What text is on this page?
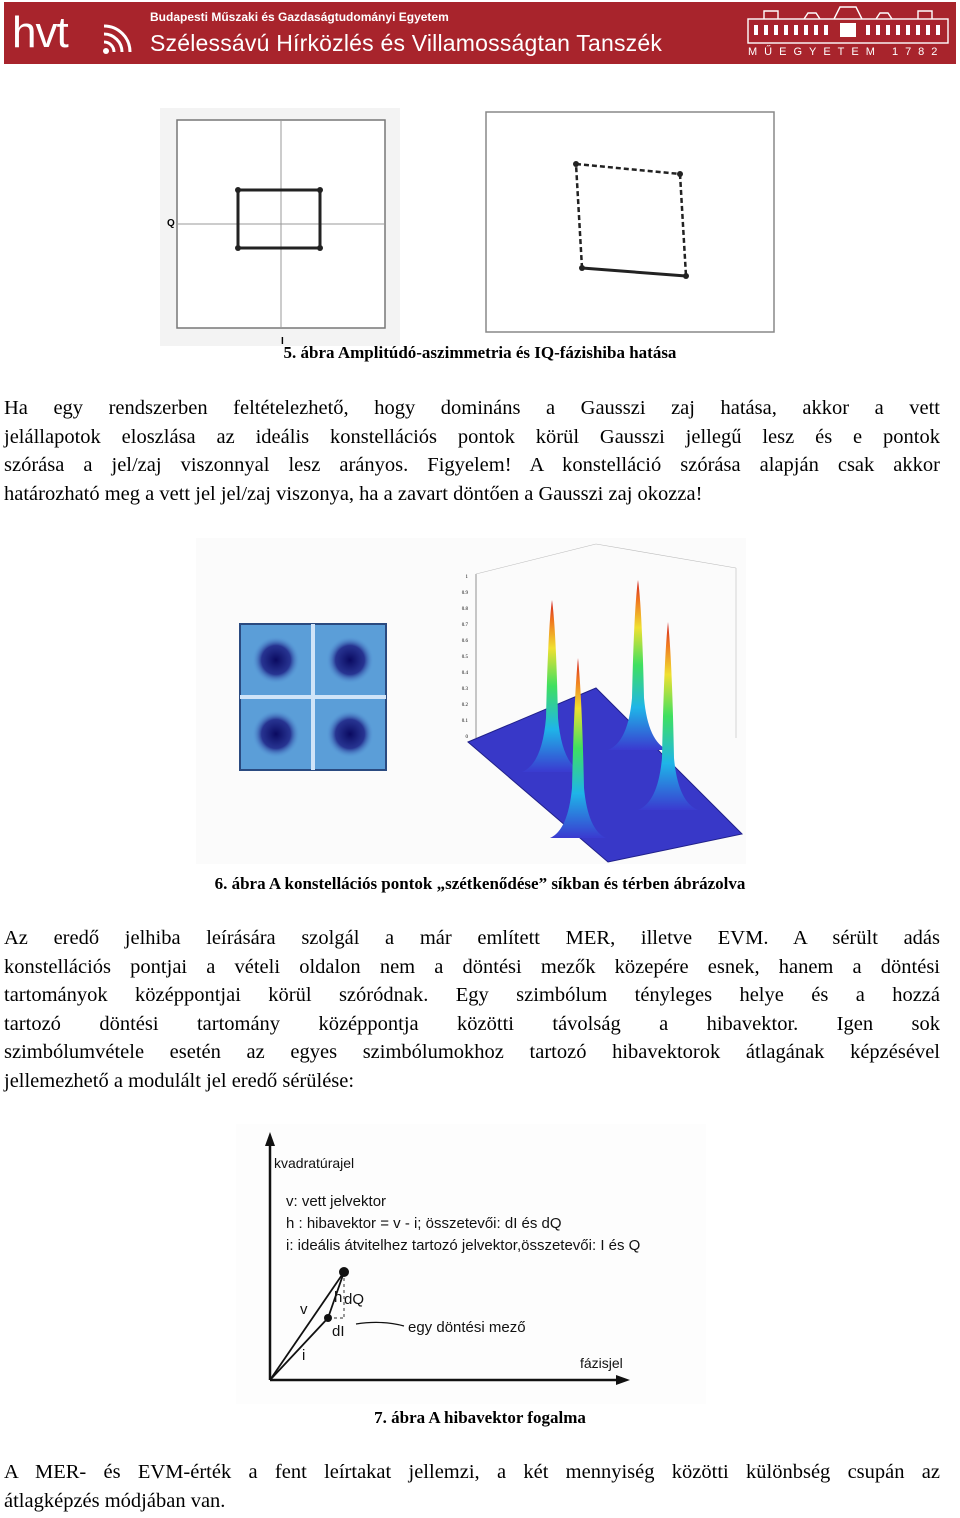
hvt	Budapesti Műszaki és Gazdaságtudományi Egyetem
Szélessávú Hírközlés és Villamosságtan Tanszék	MŰEGYETEM 1782
Q
I
5. ábra Amplitúdó-aszimmetria és IQ-fázishiba hatása
Ha egy rendszerben feltételezhető, hogy domináns a Gausszi zaj hatása, akkor a vett
jelállapotok eloszlása az ideális konstellációs pontok körül Gausszi jellegű lesz és e pontok
szórása a jel/zaj viszonnyal lesz arányos. Figyelem! A konstelláció szórása alapján csak akkor
határozható meg a vett jel jel/zaj viszonya, ha a zavart döntően a Gausszi zaj okozza!
1
0.9
0.8
0.7
0.6
0.5
0.4
0.3
0.2
0.1
0
6. ábra A konstellációs pontok „szétkenődése” síkban és térben ábrázolva
Az eredő jelhiba leírására szolgál a már említett MER, illetve EVM. A sérült adás
konstellációs pontjai a vételi oldalon nem a döntési mezők közepére esnek, hanem a döntési
tartományok középpontjai körül szóródnak. Egy szimbólum tényleges helye és a hozzá
tartozó döntési tartomány középpontja közötti távolság a hibavektor. Igen sok
szimbólumvétele esetén az egyes szimbólumokhoz tartozó hibavektorok átlagának képzésével
jellemezhető a modulált jel eredő sérülése:
kvadratúrajel
v: vett jelvektor
h : hibavektor = v - i; összetevői: dI és dQ
i: ideális átvitelhez tartozó jelvektor,összetevői: I és Q
fázisjel
v
h
i
dQ
dI	egy döntési mező
7. ábra A hibavektor fogalma
A MER- és EVM-érték a fent leírtakat jellemzi, a két mennyiség közötti különbség csupán az
átlagképzés módjában van.
